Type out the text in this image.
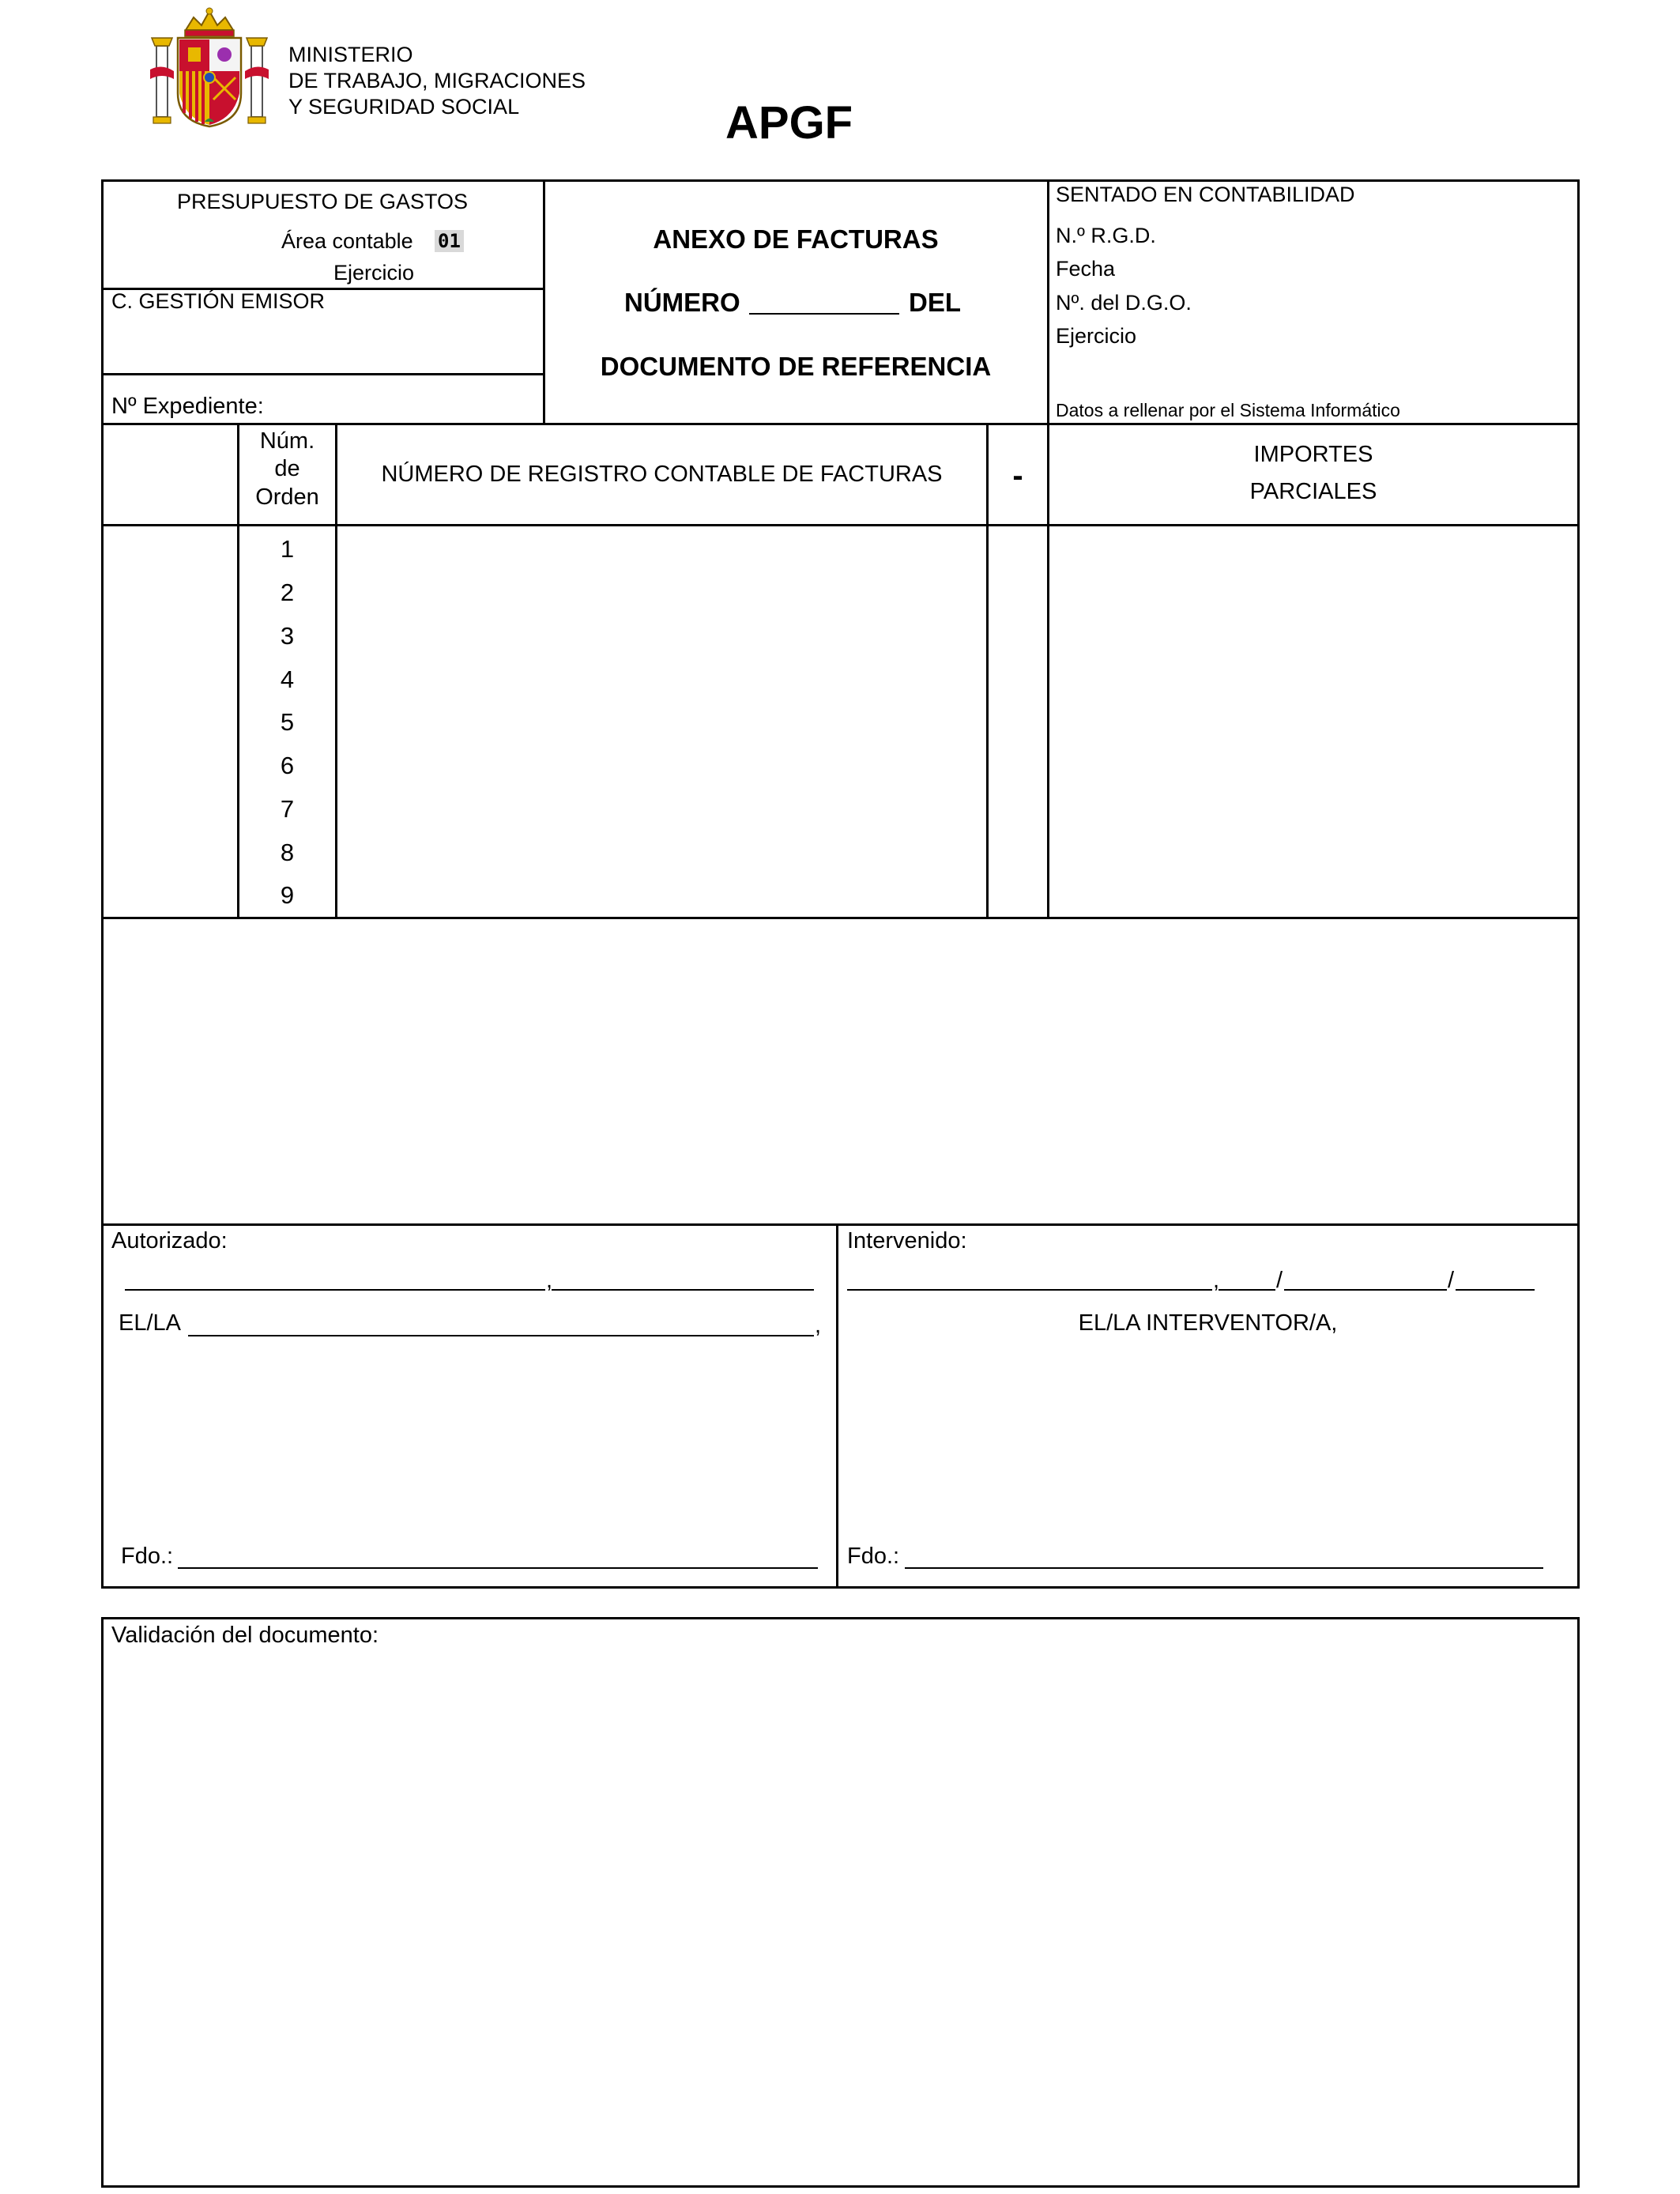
MINISTERIO
DE TRABAJO, MIGRACIONES
Y SEGURIDAD SOCIAL	APGF
PRESUPUESTO DE GASTOS
Área contable 01
Ejercicio
C. GESTIÓN EMISOR
Nº Expediente:
ANEXO DE FACTURAS
NÚMERO	DEL
DOCUMENTO DE REFERENCIA
SENTADO EN CONTABILIDAD
N.º R.G.D.
Fecha
Nº. del D.G.O.
Ejercicio
Datos a rellenar por el Sistema Informático
Núm.
de
Orden
NÚMERO DE REGISTRO CONTABLE DE FACTURAS	-
IMPORTES
PARCIALES
1
2
3
4
5
6
7
8
9
Autorizado:
,
EL/LA	,
Fdo.:
Intervenido:
, /	/
EL/LA INTERVENTOR/A,
Fdo.:
Validación del documento:
